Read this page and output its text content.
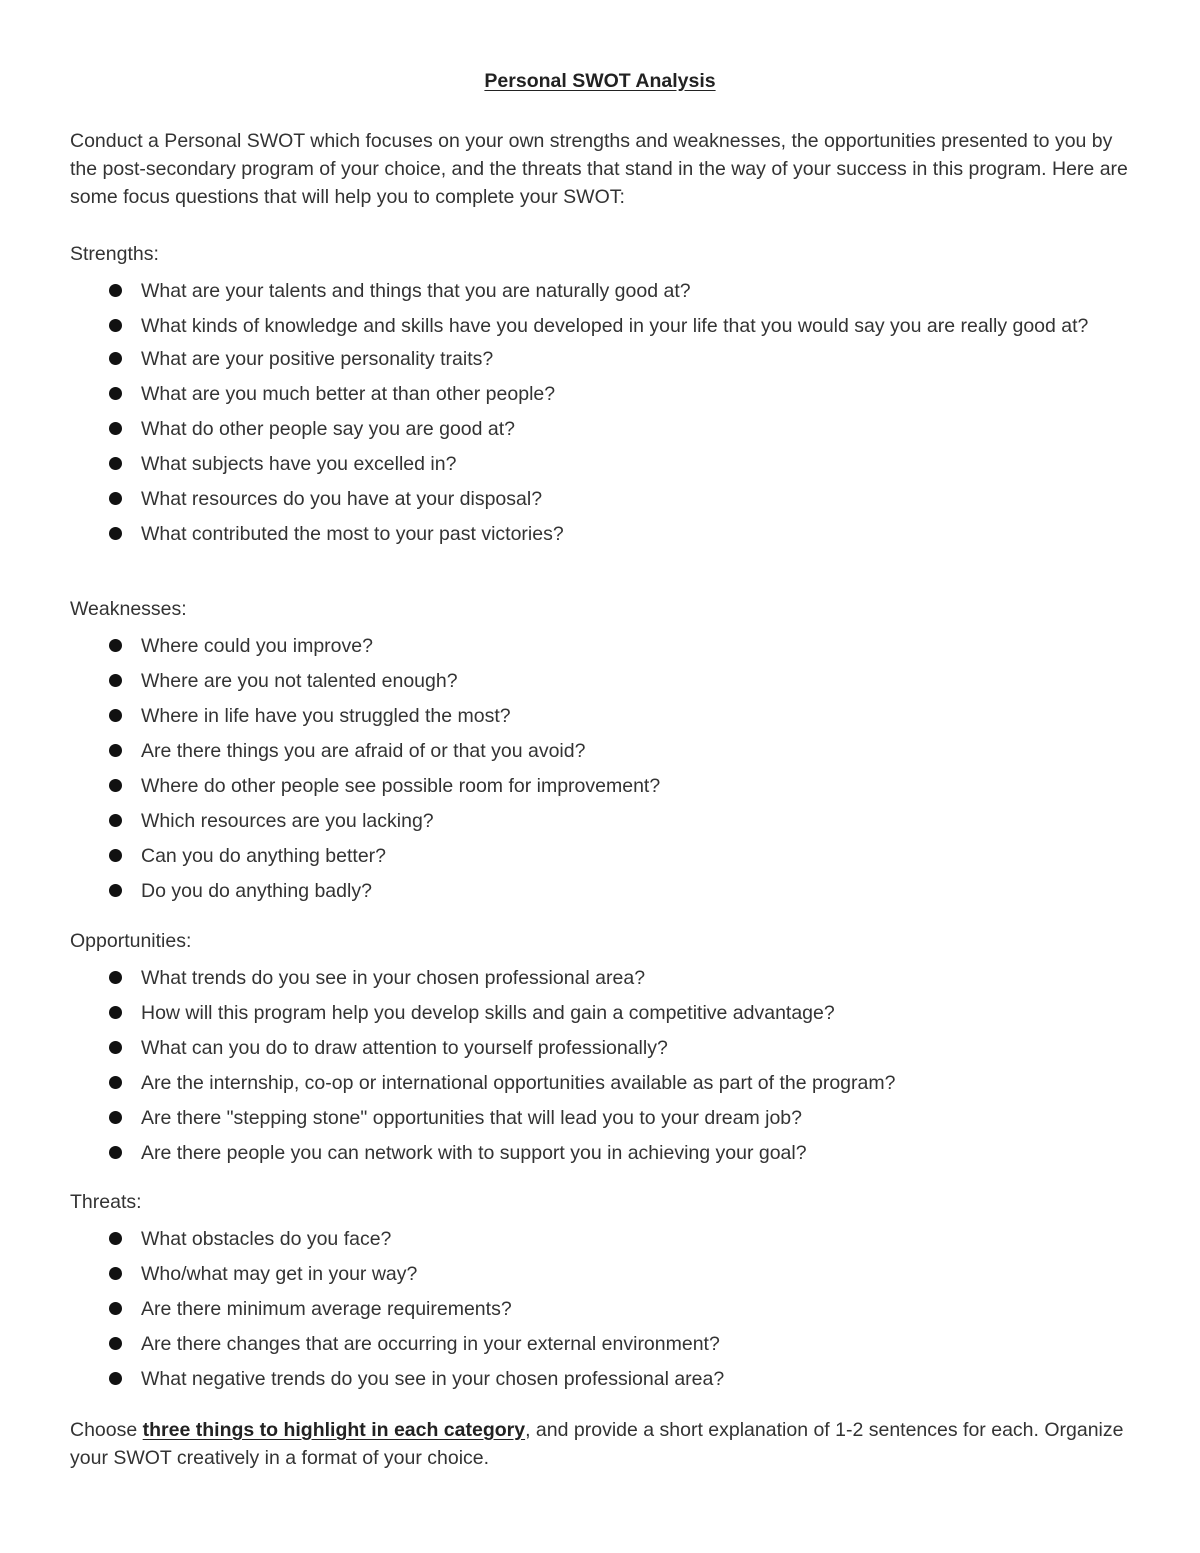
Personal SWOT Analysis

Conduct a Personal SWOT which focuses on your own strengths and weaknesses, the opportunities presented to you by the post-secondary program of your choice, and the threats that stand in the way of your success in this program. Here are some focus questions that will help you to complete your SWOT:

Strengths:

What are your talents and things that you are naturally good at?
What kinds of knowledge and skills have you developed in your life that you would say you are really good at?
What are your positive personality traits?
What are you much better at than other people?
What do other people say you are good at?
What subjects have you excelled in?
What resources do you have at your disposal?
What contributed the most to your past victories?

Weaknesses:

Where could you improve?
Where are you not talented enough?
Where in life have you struggled the most?
Are there things you are afraid of or that you avoid?
Where do other people see possible room for improvement?
Which resources are you lacking?
Can you do anything better?
Do you do anything badly?

Opportunities:

What trends do you see in your chosen professional area?
How will this program help you develop skills and gain a competitive advantage?
What can you do to draw attention to yourself professionally?
Are the internship, co-op or international opportunities available as part of the program?
Are there "stepping stone" opportunities that will lead you to your dream job?
Are there people you can network with to support you in achieving your goal?

Threats:

What obstacles do you face?
Who/what may get in your way?
Are there minimum average requirements?
Are there changes that are occurring in your external environment?
What negative trends do you see in your chosen professional area?

Choose three things to highlight in each category, and provide a short explanation of 1-2 sentences for each. Organize your SWOT creatively in a format of your choice.
